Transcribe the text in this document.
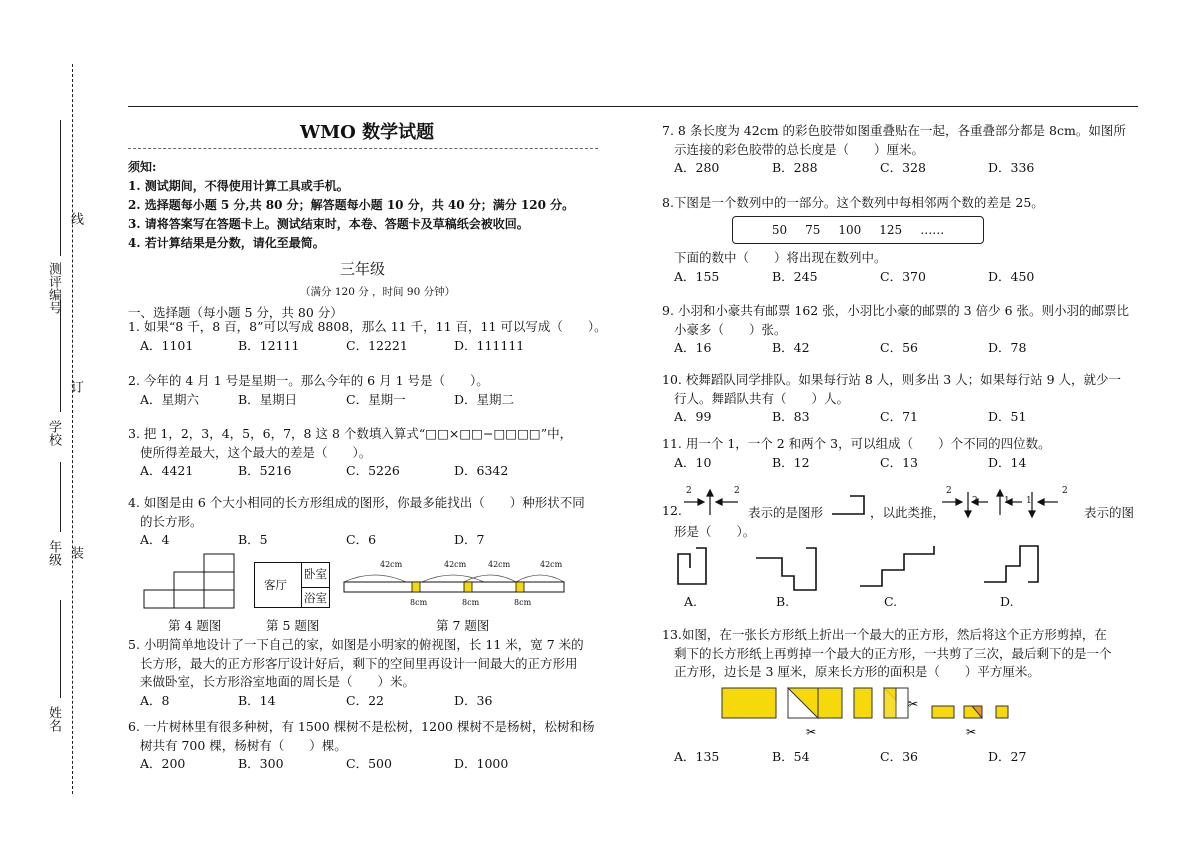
测评编号
线
学校
订
年级 装
姓名
WMO 数学试题
须知:
1. 测试期间，不得使用计算工具或手机。
2. 选择题每小题 5 分,共 80 分；解答题每小题 10 分，共 40 分；满分 120 分。
3. 请将答案写在答题卡上。测试结束时，本卷、答题卡及草稿纸会被收回。
4. 若计算结果是分数，请化至最简。
三年级
（满分 120 分 ，时间 90 分钟）
一、选择题（每小题 5 分，共 80 分）
1. 如果“8 千，8 百，8”可以写成 8808，那么 11 千，11 百，11 可以写成（　　）。
A．1101	B．12111	C．12221	D．111111
2. 今年的 4 月 1 号是星期一。那么今年的 6 月 1 号是（　　）。
A．星期六	B．星期日	C．星期一	D．星期二
3. 把 1，2，3，4，5，6，7，8 这 8 个数填入算式“□□×□□−□□□□”中，
使所得差最大，这个最大的差是（　　）。
A．4421	B．5216	C．5226	D．6342
4. 如图是由 6 个大小相同的长方形组成的图形，你最多能找出（　　）种形状不同
的长方形。
A．4	B．5	C．6	D．7
客厅
卧室
浴室
42cm	42cm	42cm	42cm
8cm	8cm	8cm
第 4 题图	第 5 题图	第 7 题图
5. 小明简单地设计了一下自己的家，如图是小明家的俯视图，长 11 米，宽 7 米的
长方形，最大的正方形客厅设计好后，剩下的空间里再设计一间最大的正方形用
来做卧室，长方形浴室地面的周长是（　　）米。
A．8	B．14	C．22	D．36
6. 一片树林里有很多种树，有 1500 棵树不是松树，1200 棵树不是杨树，松树和杨
树共有 700 棵，杨树有（　　）棵。
A．200	B．300	C．500	D．1000
7. 8 条长度为 42cm 的彩色胶带如图重叠贴在一起，各重叠部分都是 8cm。如图所
示连接的彩色胶带的总长度是（　　）厘米。
A．280	B．288	C．328	D．336
8.下图是一个数列中的一部分。这个数列中每相邻两个数的差是 25。
50 75 100 125 ……
下面的数中（　　）将出现在数列中。
A．155	B．245	C．370	D．450
9. 小羽和小豪共有邮票 162 张，小羽比小豪的邮票的 3 倍少 6 张。则小羽的邮票比
小豪多（　　）张。
A．16	B．42	C．56	D．78
10. 校舞蹈队同学排队。如果每行站 8 人，则多出 3 人；如果每行站 9 人，就少一
行人。舞蹈队共有（　　）人。
A．99	B．83	C．71	D．51
11. 用一个 1，一个 2 和两个 3，可以组成（　　）个不同的四位数。
A．10	B．12	C．13	D．14
12.
2	2
表示的是图形	，以此类推，
2
2	1 1
2
表示的图
形是（　　）。
A.	B.	C.	D.
13.如图，在一张长方形纸上折出一个最大的正方形，然后将这个正方形剪掉，在
剩下的长方形纸上再剪掉一个最大的正方形，一共剪了三次，最后剩下的是一个
正方形，边长是 3 厘米，原来长方形的面积是（　　）平方厘米。
✂
✂
✂
A．135	B．54	C．36	D．27
